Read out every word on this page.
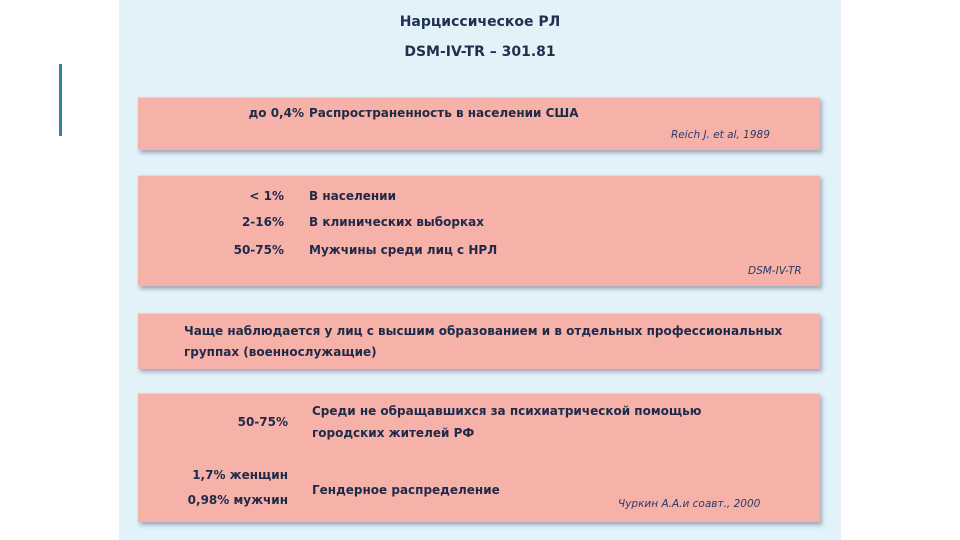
Нарциссическое РЛ
DSM-IV-TR – 301.81
до 0,4% Распространенность в населении США
Reich J. et al, 1989
< 1% В населении
2-16% В клинических выборках
50-75% Мужчины среди лиц с НРЛ
DSM-IV-TR
Чаще наблюдается у лиц с высшим образованием и в отдельных профессиональных
группах (военнослужащие)
50-75%
Среди не обращавшихся за психиатрической помощью
городских жителей РФ
1,7% женщин
0,98% мужчин
Гендерное распределение
Чуркин А.А.и соавт., 2000
